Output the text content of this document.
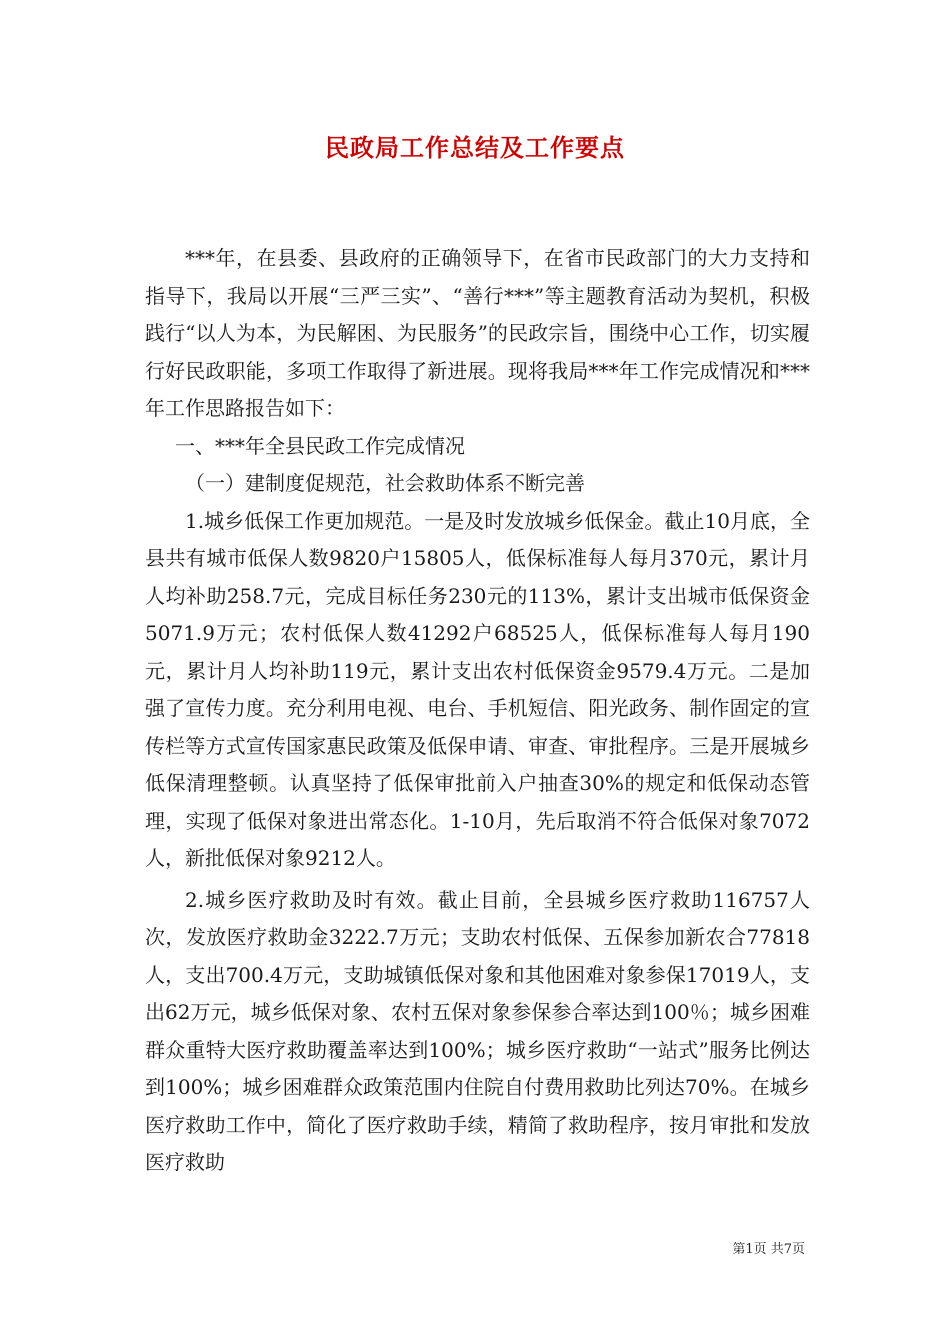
民政局工作总结及工作要点

***年，在县委、县政府的正确领导下，在省市民政部门的大力支持和指导下，我局以开展“三严三实”、“善行***”等主题教育活动为契机，积极践行“以人为本，为民解困、为民服务”的民政宗旨，围绕中心工作，切实履行好民政职能，多项工作取得了新进展。现将我局***年工作完成情况和***年工作思路报告如下：

一、***年全县民政工作完成情况

（一）建制度促规范，社会救助体系不断完善

1.城乡低保工作更加规范。一是及时发放城乡低保金。截止10月底，全县共有城市低保人数9820户15805人，低保标准每人每月370元，累计月人均补助258.7元，完成目标任务230元的113%，累计支出城市低保资金5071.9万元；农村低保人数41292户68525人，低保标准每人每月190元，累计月人均补助119元，累计支出农村低保资金9579.4万元。二是加强了宣传力度。充分利用电视、电台、手机短信、阳光政务、制作固定的宣传栏等方式宣传国家惠民政策及低保申请、审查、审批程序。三是开展城乡低保清理整顿。认真坚持了低保审批前入户抽查30%的规定和低保动态管理，实现了低保对象进出常态化。1-10月，先后取消不符合低保对象7072人，新批低保对象9212人。

2.城乡医疗救助及时有效。截止目前，全县城乡医疗救助116757人次，发放医疗救助金3222.7万元；支助农村低保、五保参加新农合77818人，支出700.4万元，支助城镇低保对象和其他困难对象参保17019人，支出62万元，城乡低保对象、农村五保对象参保参合率达到100％；城乡困难群众重特大医疗救助覆盖率达到100%；城乡医疗救助“一站式”服务比例达到100%；城乡困难群众政策范围内住院自付费用救助比列达70%。在城乡医疗救助工作中，简化了医疗救助手续，精简了救助程序，按月审批和发放医疗救助

第1页 共7页
